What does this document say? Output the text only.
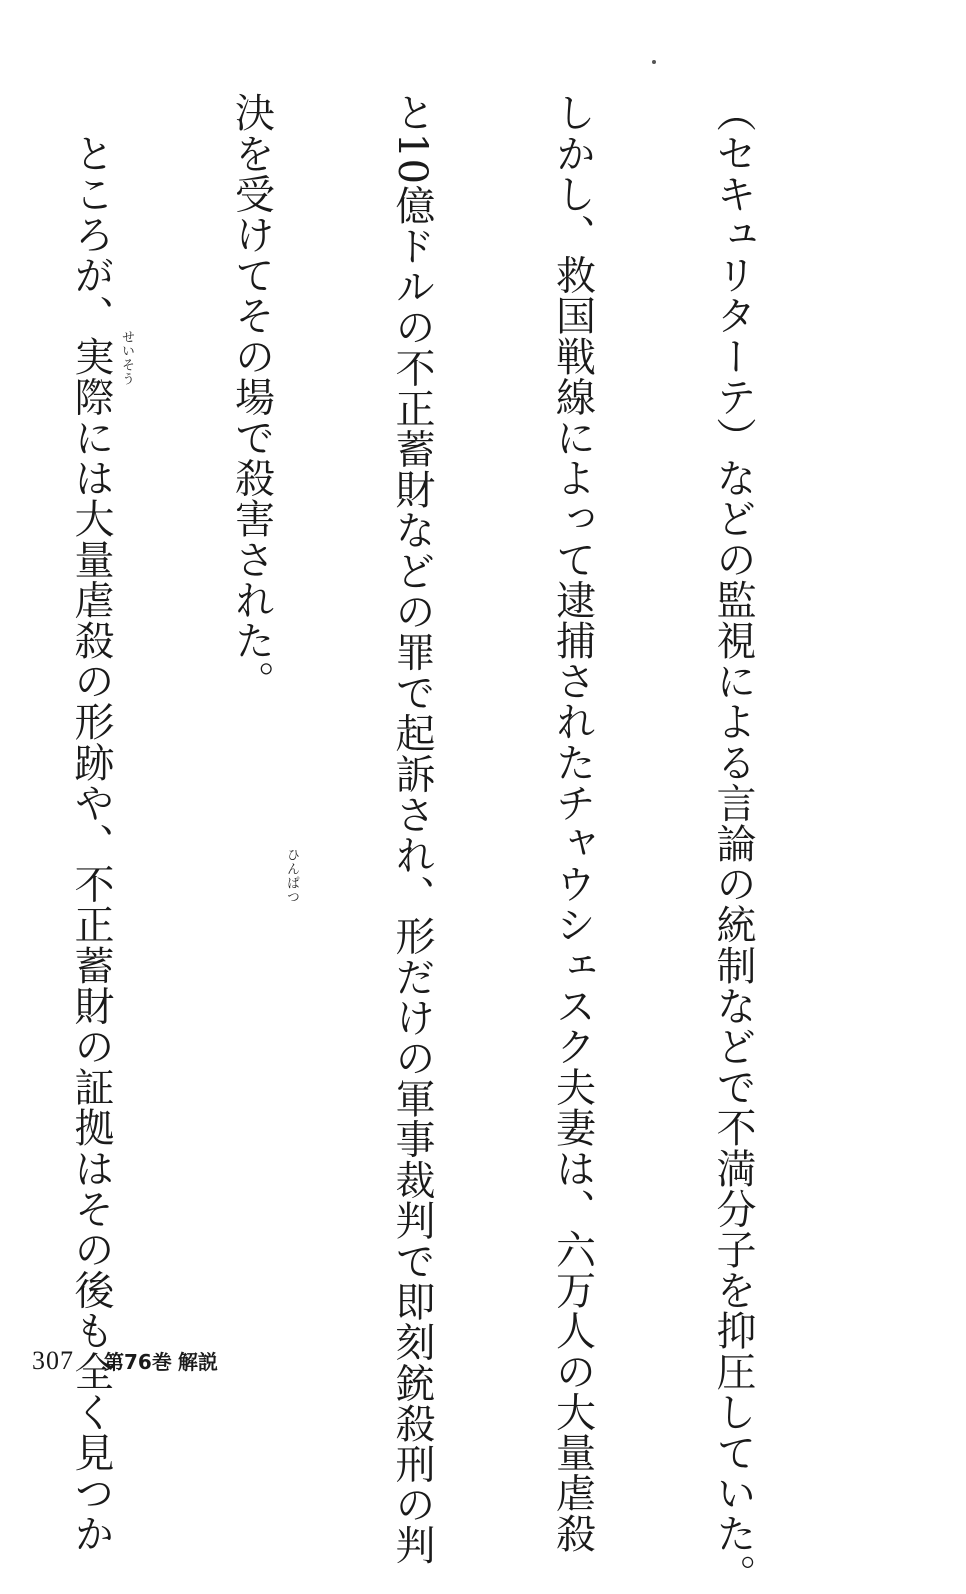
（セキュリターテ）などの監視による言論の統制などで不満分子を抑圧していた。

しかし、救国戦線によって逮捕されたチャウシェスク夫妻は、六万人の大量虐殺

と10億ドルの不正蓄財などの罪で起訴され、形だけの軍事裁判で即刻銃殺刑の判

決を受けてその場で殺害された。

　ところが、実際には大量虐殺の形跡や、不正蓄財の証拠はその後も全く見つか

	ひんぱつ
せいそう
307 第76巻 解説
